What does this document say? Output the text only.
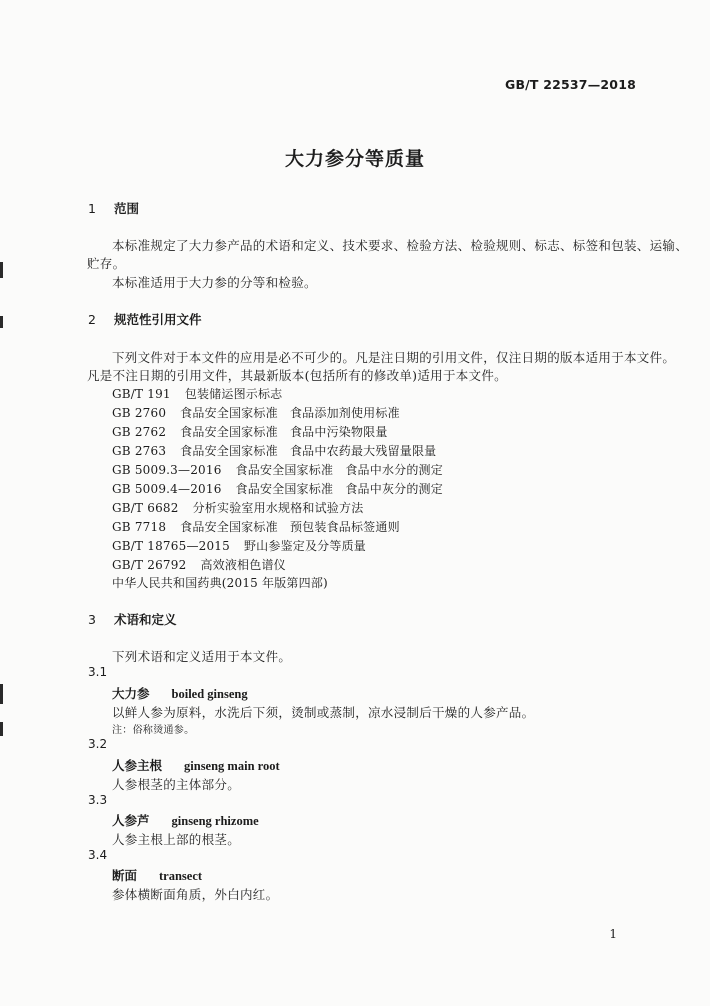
GB/T 22537—2018
大力参分等质量
1 范围
本标准规定了大力参产品的术语和定义、技术要求、检验方法、检验规则、标志、标签和包装、运输、
贮存。
本标准适用于大力参的分等和检验。
2 规范性引用文件
下列文件对于本文件的应用是必不可少的。凡是注日期的引用文件，仅注日期的版本适用于本文件。
凡是不注日期的引用文件，其最新版本(包括所有的修改单)适用于本文件。
GB/T 191 包装储运图示标志
GB 2760 食品安全国家标准　食品添加剂使用标准
GB 2762 食品安全国家标准　食品中污染物限量
GB 2763 食品安全国家标准　食品中农药最大残留量限量
GB 5009.3—2016 食品安全国家标准　食品中水分的测定
GB 5009.4—2016 食品安全国家标准　食品中灰分的测定
GB/T 6682 分析实验室用水规格和试验方法
GB 7718 食品安全国家标准　预包装食品标签通则
GB/T 18765—2015 野山参鉴定及分等质量
GB/T 26792 高效液相色谱仪
中华人民共和国药典(2015 年版第四部)
3 术语和定义
下列术语和定义适用于本文件。
3.1
大力参 boiled ginseng
以鲜人参为原料，水洗后下须，烫制或蒸制，凉水浸制后干燥的人参产品。
注：俗称烫通参。
3.2
人参主根 ginseng main root
人参根茎的主体部分。
3.3
人参芦 ginseng rhizome
人参主根上部的根茎。
3.4
断面 transect
参体横断面角质，外白内红。
1
